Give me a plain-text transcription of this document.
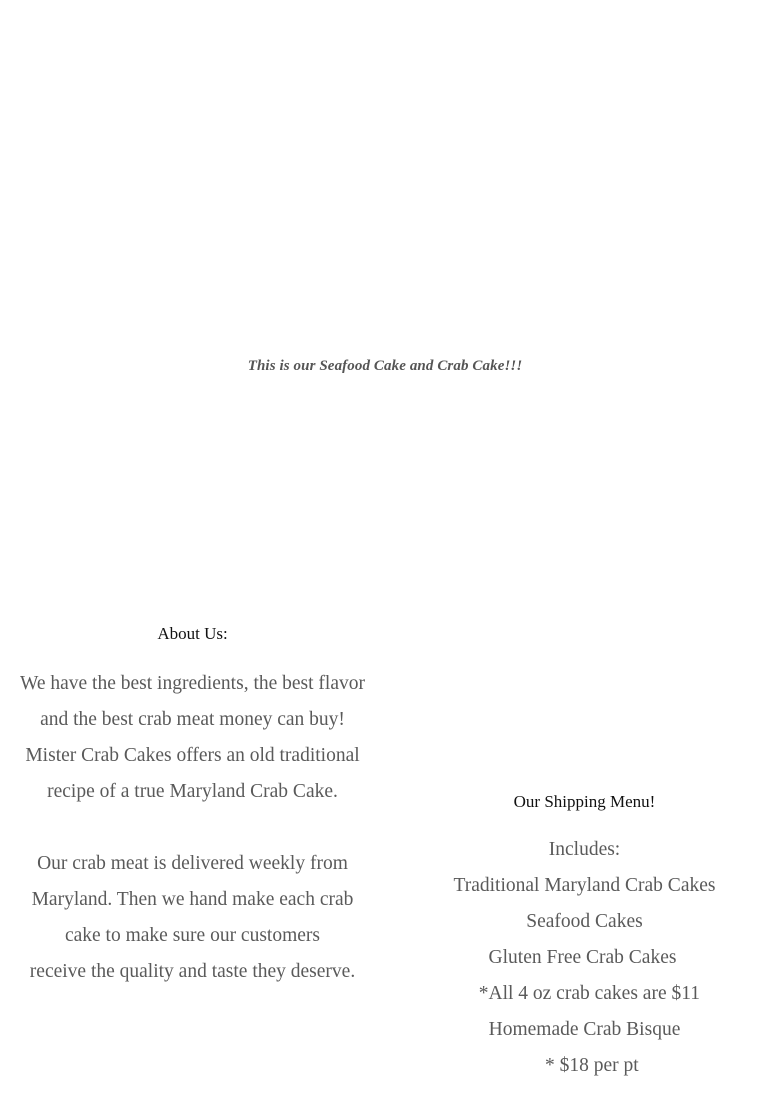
This is our Seafood Cake and Crab Cake!!!
About Us:

We have the best ingredients, the best flavor and the best crab meat money can buy! Mister Crab Cakes offers an old traditional recipe of a true Maryland Crab Cake.

Our crab meat is delivered weekly from Maryland. Then we hand make each crab cake to make sure our customers

receive the quality and taste they deserve.

Our Shipping Menu!
Includes:
Traditional Maryland Crab Cakes
Seafood Cakes
Gluten Free Crab Cakes
*All 4 oz crab cakes are $11
Homemade Crab Bisque
* $18 per pt
